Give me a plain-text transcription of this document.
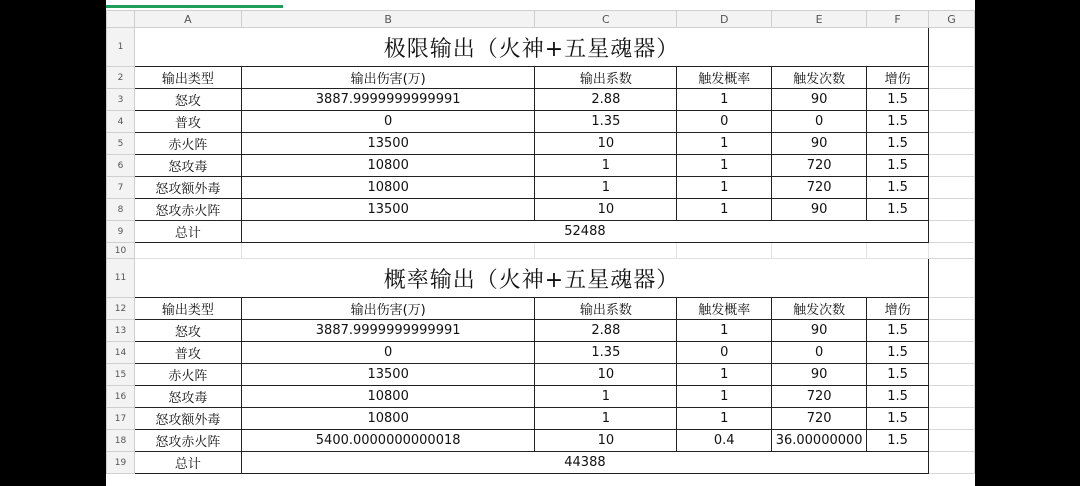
	A	B	C	D	E	F	G
1	极限输出（火神+五星魂器）						
2	输出类型	输出伤害(万)	输出系数	触发概率	触发次数	增伤	
3	怒攻	3887.9999999999991	2.88	1	90	1.5	
4	普攻	0	1.35	0	0	1.5	
5	赤火阵	13500	10	1	90	1.5	
6	怒攻毒	10800	1	1	720	1.5	
7	怒攻额外毒	10800	1	1	720	1.5	
8	怒攻赤火阵	13500	10	1	90	1.5	
9	总计	52488					
10							
11	概率输出（火神+五星魂器）						
12	输出类型	输出伤害(万)	输出系数	触发概率	触发次数	增伤	
13	怒攻	3887.9999999999991	2.88	1	90	1.5	
14	普攻	0	1.35	0	0	1.5	
15	赤火阵	13500	10	1	90	1.5	
16	怒攻毒	10800	1	1	720	1.5	
17	怒攻额外毒	10800	1	1	720	1.5	
18	怒攻赤火阵	5400.0000000000018	10	0.4	36.00000000	1.5	
19	总计	44388					
